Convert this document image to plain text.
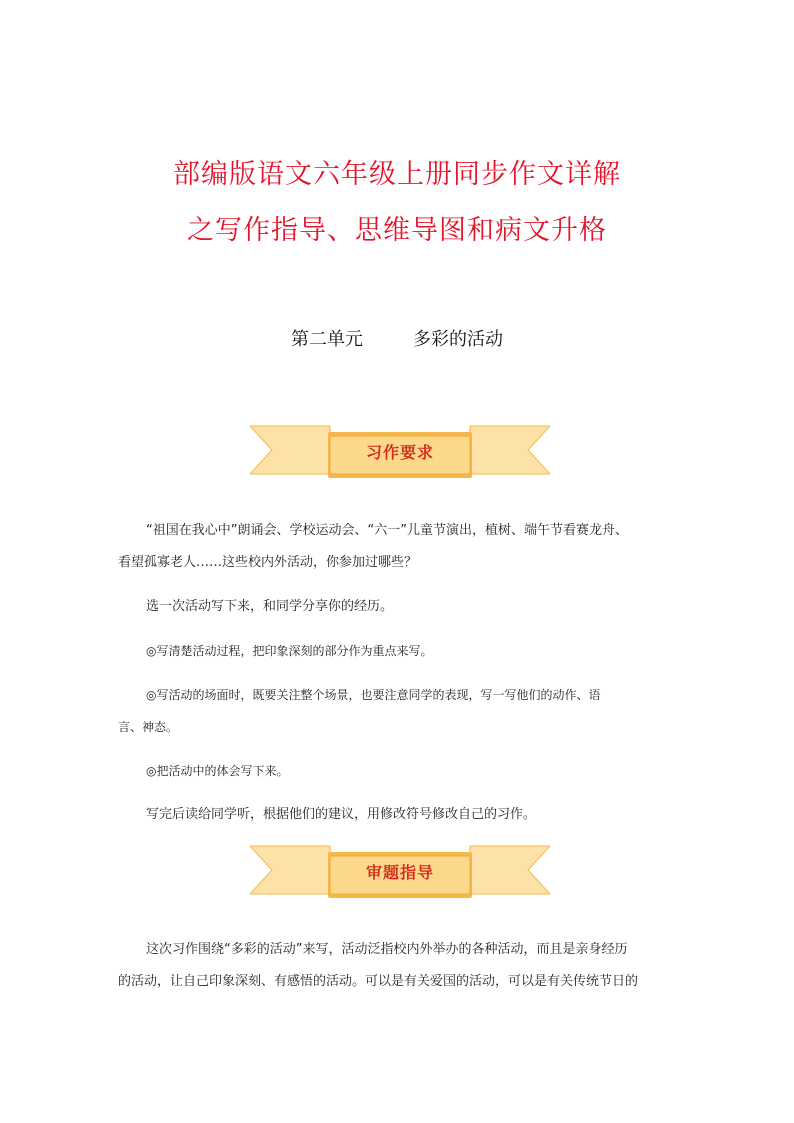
部编版语文六年级上册同步作文详解
之写作指导、思维导图和病文升格
第二单元	多彩的活动
习作要求
“祖国在我心中”朗诵会、学校运动会、“六一”儿童节演出，植树、端午节看赛龙舟、
看望孤寡老人……这些校内外活动，你参加过哪些？
选一次活动写下来，和同学分享你的经历。
◎写清楚活动过程，把印象深刻的部分作为重点来写。
◎写活动的场面时，既要关注整个场景，也要注意同学的表现，写一写他们的动作、语
言、神态。
◎把活动中的体会写下来。
写完后读给同学听，根据他们的建议，用修改符号修改自己的习作。
审题指导
这次习作围绕“多彩的活动”来写，活动泛指校内外举办的各种活动，而且是亲身经历
的活动，让自己印象深刻、有感悟的活动。可以是有关爱国的活动，可以是有关传统节日的
